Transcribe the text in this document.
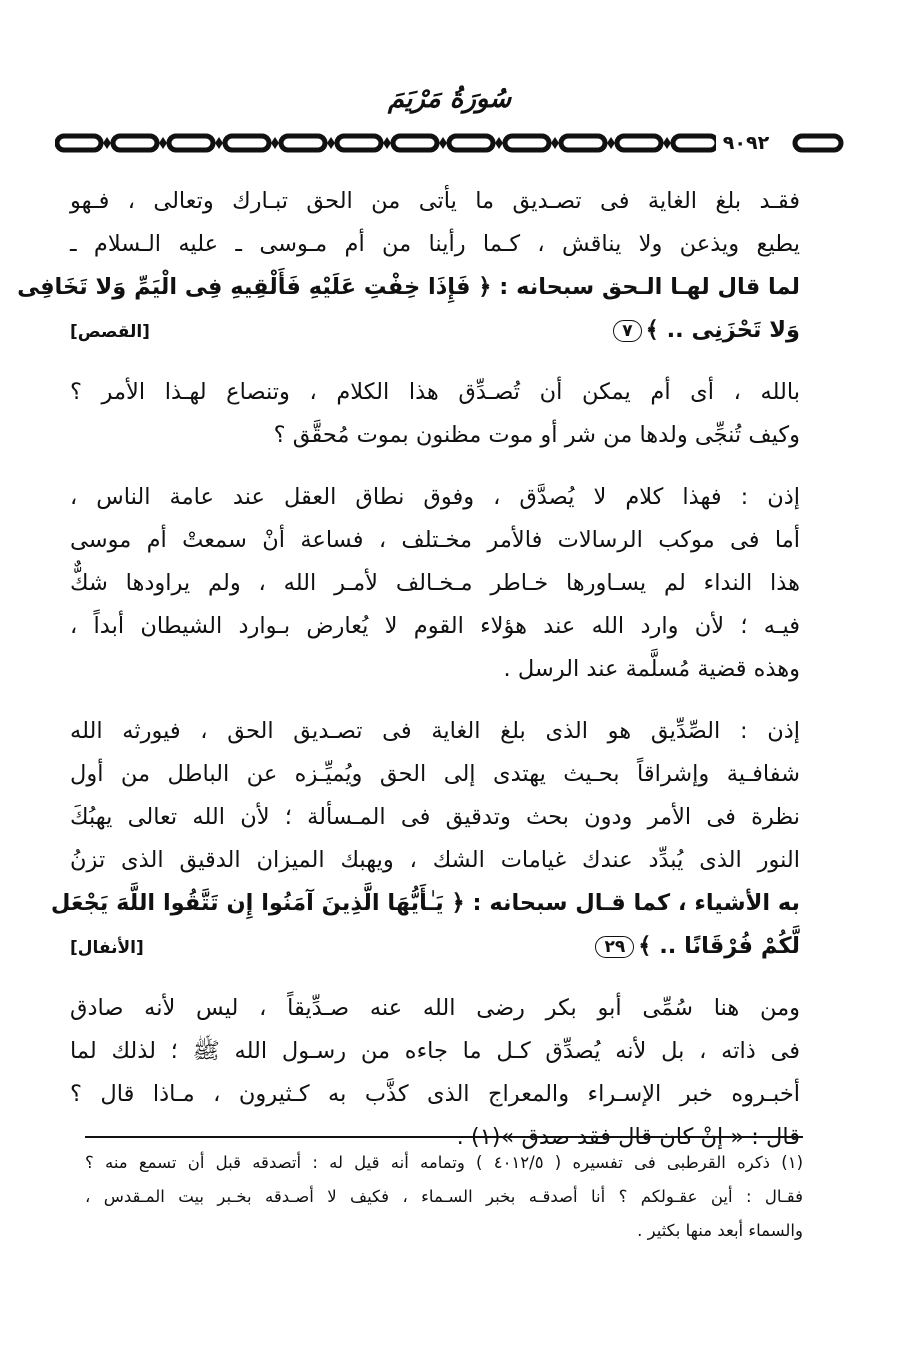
سُورَةُ مَرْيَمَ
٩٠٩٢
فقـد بلغ الغاية فى تصـديق ما يأتى من الحق تبـارك وتعالى ، فـهو
يطيع ويذعن ولا يناقش ، كـما رأينا من أم مـوسى ـ عليه الـسلام ـ
لما قال لهـا الـحق سبحانه : ﴿ فَإِذَا خِفْتِ عَلَيْهِ فَأَلْقِيهِ فِى الْيَمِّ وَلا تَخَافِى
وَلا تَحْزَنِى .. ﴾٧
[القصص]
بالله ، أى أم يمكن أن تُصـدِّق هذا الكلام ، وتنصاع لهـذا الأمر ؟
وكيف تُنجِّى ولدها من شر أو موت مظنون بموت مُحقَّق ؟
إذن : فهذا كلام لا يُصدَّق ، وفوق نطاق العقل عند عامة الناس ،
أما فى موكب الرسالات فالأمر مخـتلف ، فساعة أنْ سمعتْ أم موسى
هذا النداء لم يسـاورها خـاطر مـخـالف لأمـر الله ، ولم يراودها شكٌّ
فيـه ؛ لأن وارد الله عند هؤلاء القوم لا يُعارض بـوارد الشيطان أبداً ،
وهذه قضية مُسلَّمة عند الرسل .
إذن : الصِّدِّيق هو الذى بلغ الغاية فى تصـديق الحق ، فيورثه الله
شفافـية وإشراقاً بحـيث يهتدى إلى الحق ويُميِّـزه عن الباطل من أول
نظرة فى الأمر ودون بحث وتدقيق فى المـسألة ؛ لأن الله تعالى يهبُكَ
النور الذى يُبدِّد عندك غيامات الشك ، ويهبك الميزان الدقيق الذى تزنُ
به الأشياء ، كما قـال سبحانه : ﴿ يَـٰأَيُّهَا الَّذِينَ آمَنُوا إِن تَتَّقُوا اللَّهَ يَجْعَل
لَّكُمْ فُرْقَانًا .. ﴾٢٩
[الأنفال]
ومن هنا سُمِّى أبو بكر رضى الله عنه صـدِّيقاً ، ليس لأنه صادق
فى ذاته ، بل لأنه يُصدِّق كـل ما جاءه من رسـول الله ﷺ ؛ لذلك لما
أخبـروه خبر الإسـراء والمعراج الذى كذَّب به كـثيرون ، مـاذا قال ؟
قال : « إنْ كان قال فقد صدق »(١) .
(١) ذكره القرطبى فى تفسيره ( ٤٠١٢/٥ ) وتمامه أنه قيل له : أتصدقه قبل أن تسمع منه ؟
فقـال : أين عقـولكم ؟ أنا أصدقـه بخبر السـماء ، فكيف لا أصـدقه بخـبر بيت المـقدس ،
والسماء أبعد منها بكثير .
